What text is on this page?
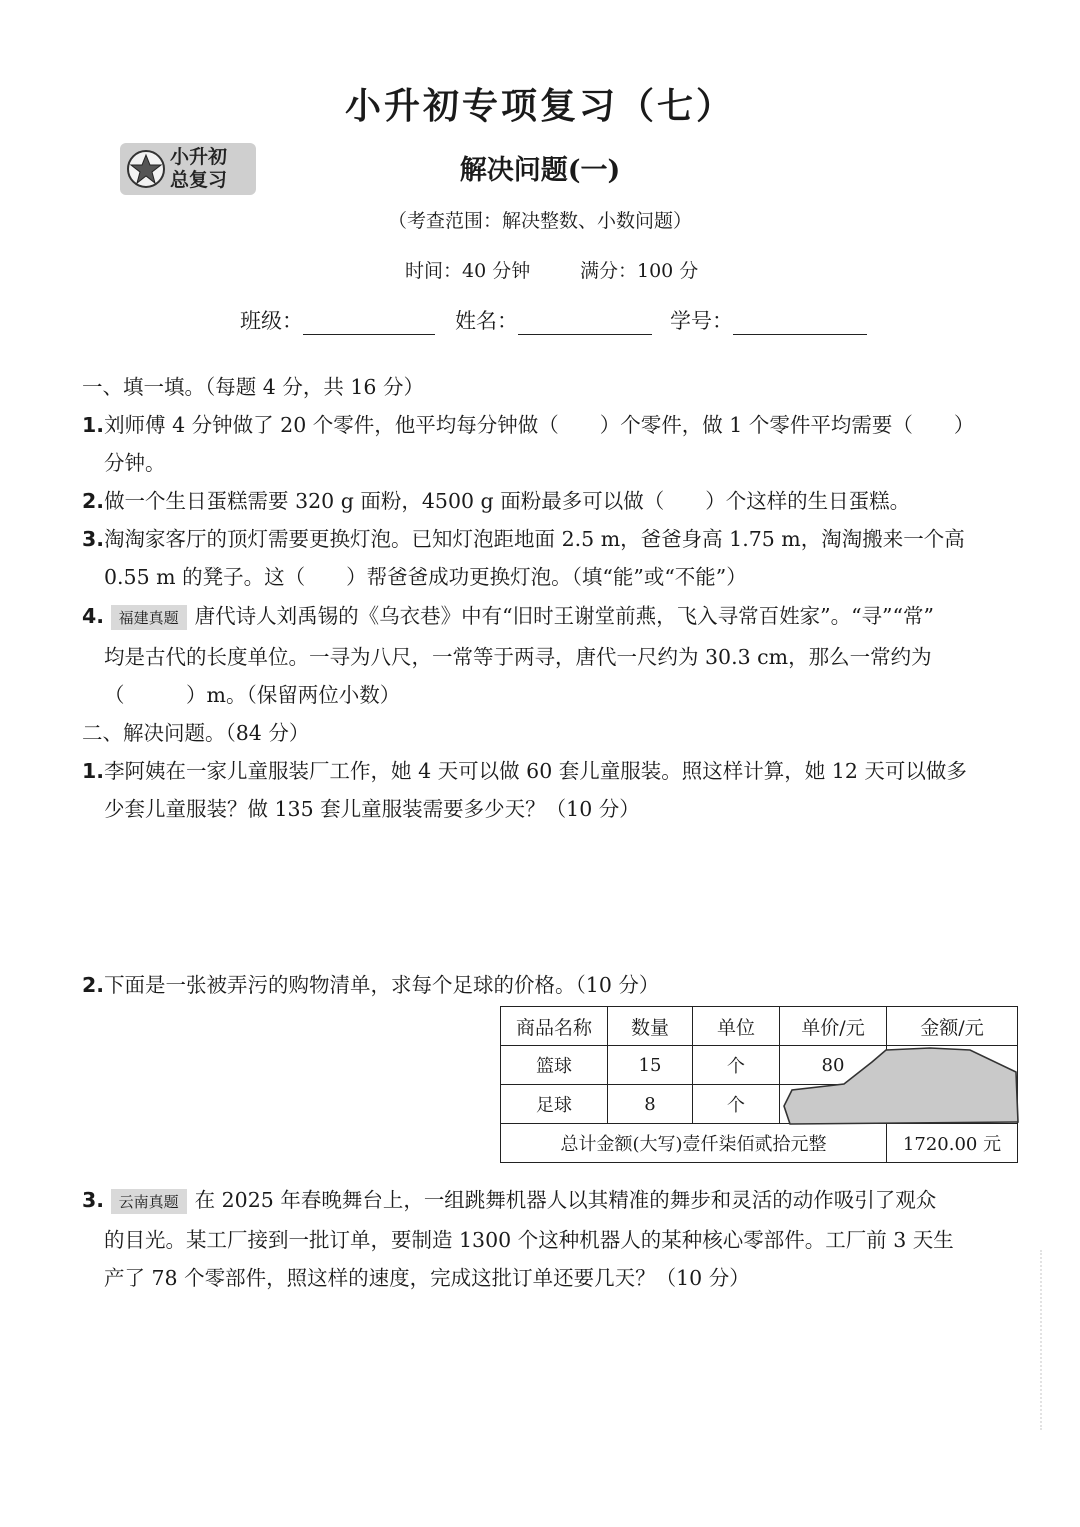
小升初专项复习（七）
小升初
总复习	解决问题(一)
（考查范围：解决整数、小数问题）
时间：40 分钟	满分：100 分
班级：	姓名：	学号：
一、填一填。（每题 4 分，共 16 分）
1.刘师傅 4 分钟做了 20 个零件，他平均每分钟做（　　）个零件，做 1 个零件平均需要（　　）
分钟。
2.做一个生日蛋糕需要 320 g 面粉，4500 g 面粉最多可以做（　　）个这样的生日蛋糕。
3.淘淘家客厅的顶灯需要更换灯泡。已知灯泡距地面 2.5 m，爸爸身高 1.75 m，淘淘搬来一个高
0.55 m 的凳子。这（　　）帮爸爸成功更换灯泡。（填“能”或“不能”）
4. 福建真题 唐代诗人刘禹锡的《乌衣巷》中有“旧时王谢堂前燕，飞入寻常百姓家”。“寻”“常”
均是古代的长度单位。一寻为八尺，一常等于两寻，唐代一尺约为 30.3 cm，那么一常约为
（　　　）m。（保留两位小数）
二、解决问题。（84 分）
1.李阿姨在一家儿童服装厂工作，她 4 天可以做 60 套儿童服装。照这样计算，她 12 天可以做多
少套儿童服装？做 135 套儿童服装需要多少天？（10 分）
2.下面是一张被弄污的购物清单，求每个足球的价格。（10 分）
商品名称	数量	单位	单价/元	金额/元
篮球	15	个	80	
足球	8	个		
总计金额(大写)壹仟柒佰贰拾元整				1720.00 元
3. 云南真题 在 2025 年春晚舞台上，一组跳舞机器人以其精准的舞步和灵活的动作吸引了观众
的目光。某工厂接到一批订单，要制造 1300 个这种机器人的某种核心零部件。工厂前 3 天生
产了 78 个零部件，照这样的速度，完成这批订单还要几天？（10 分）
